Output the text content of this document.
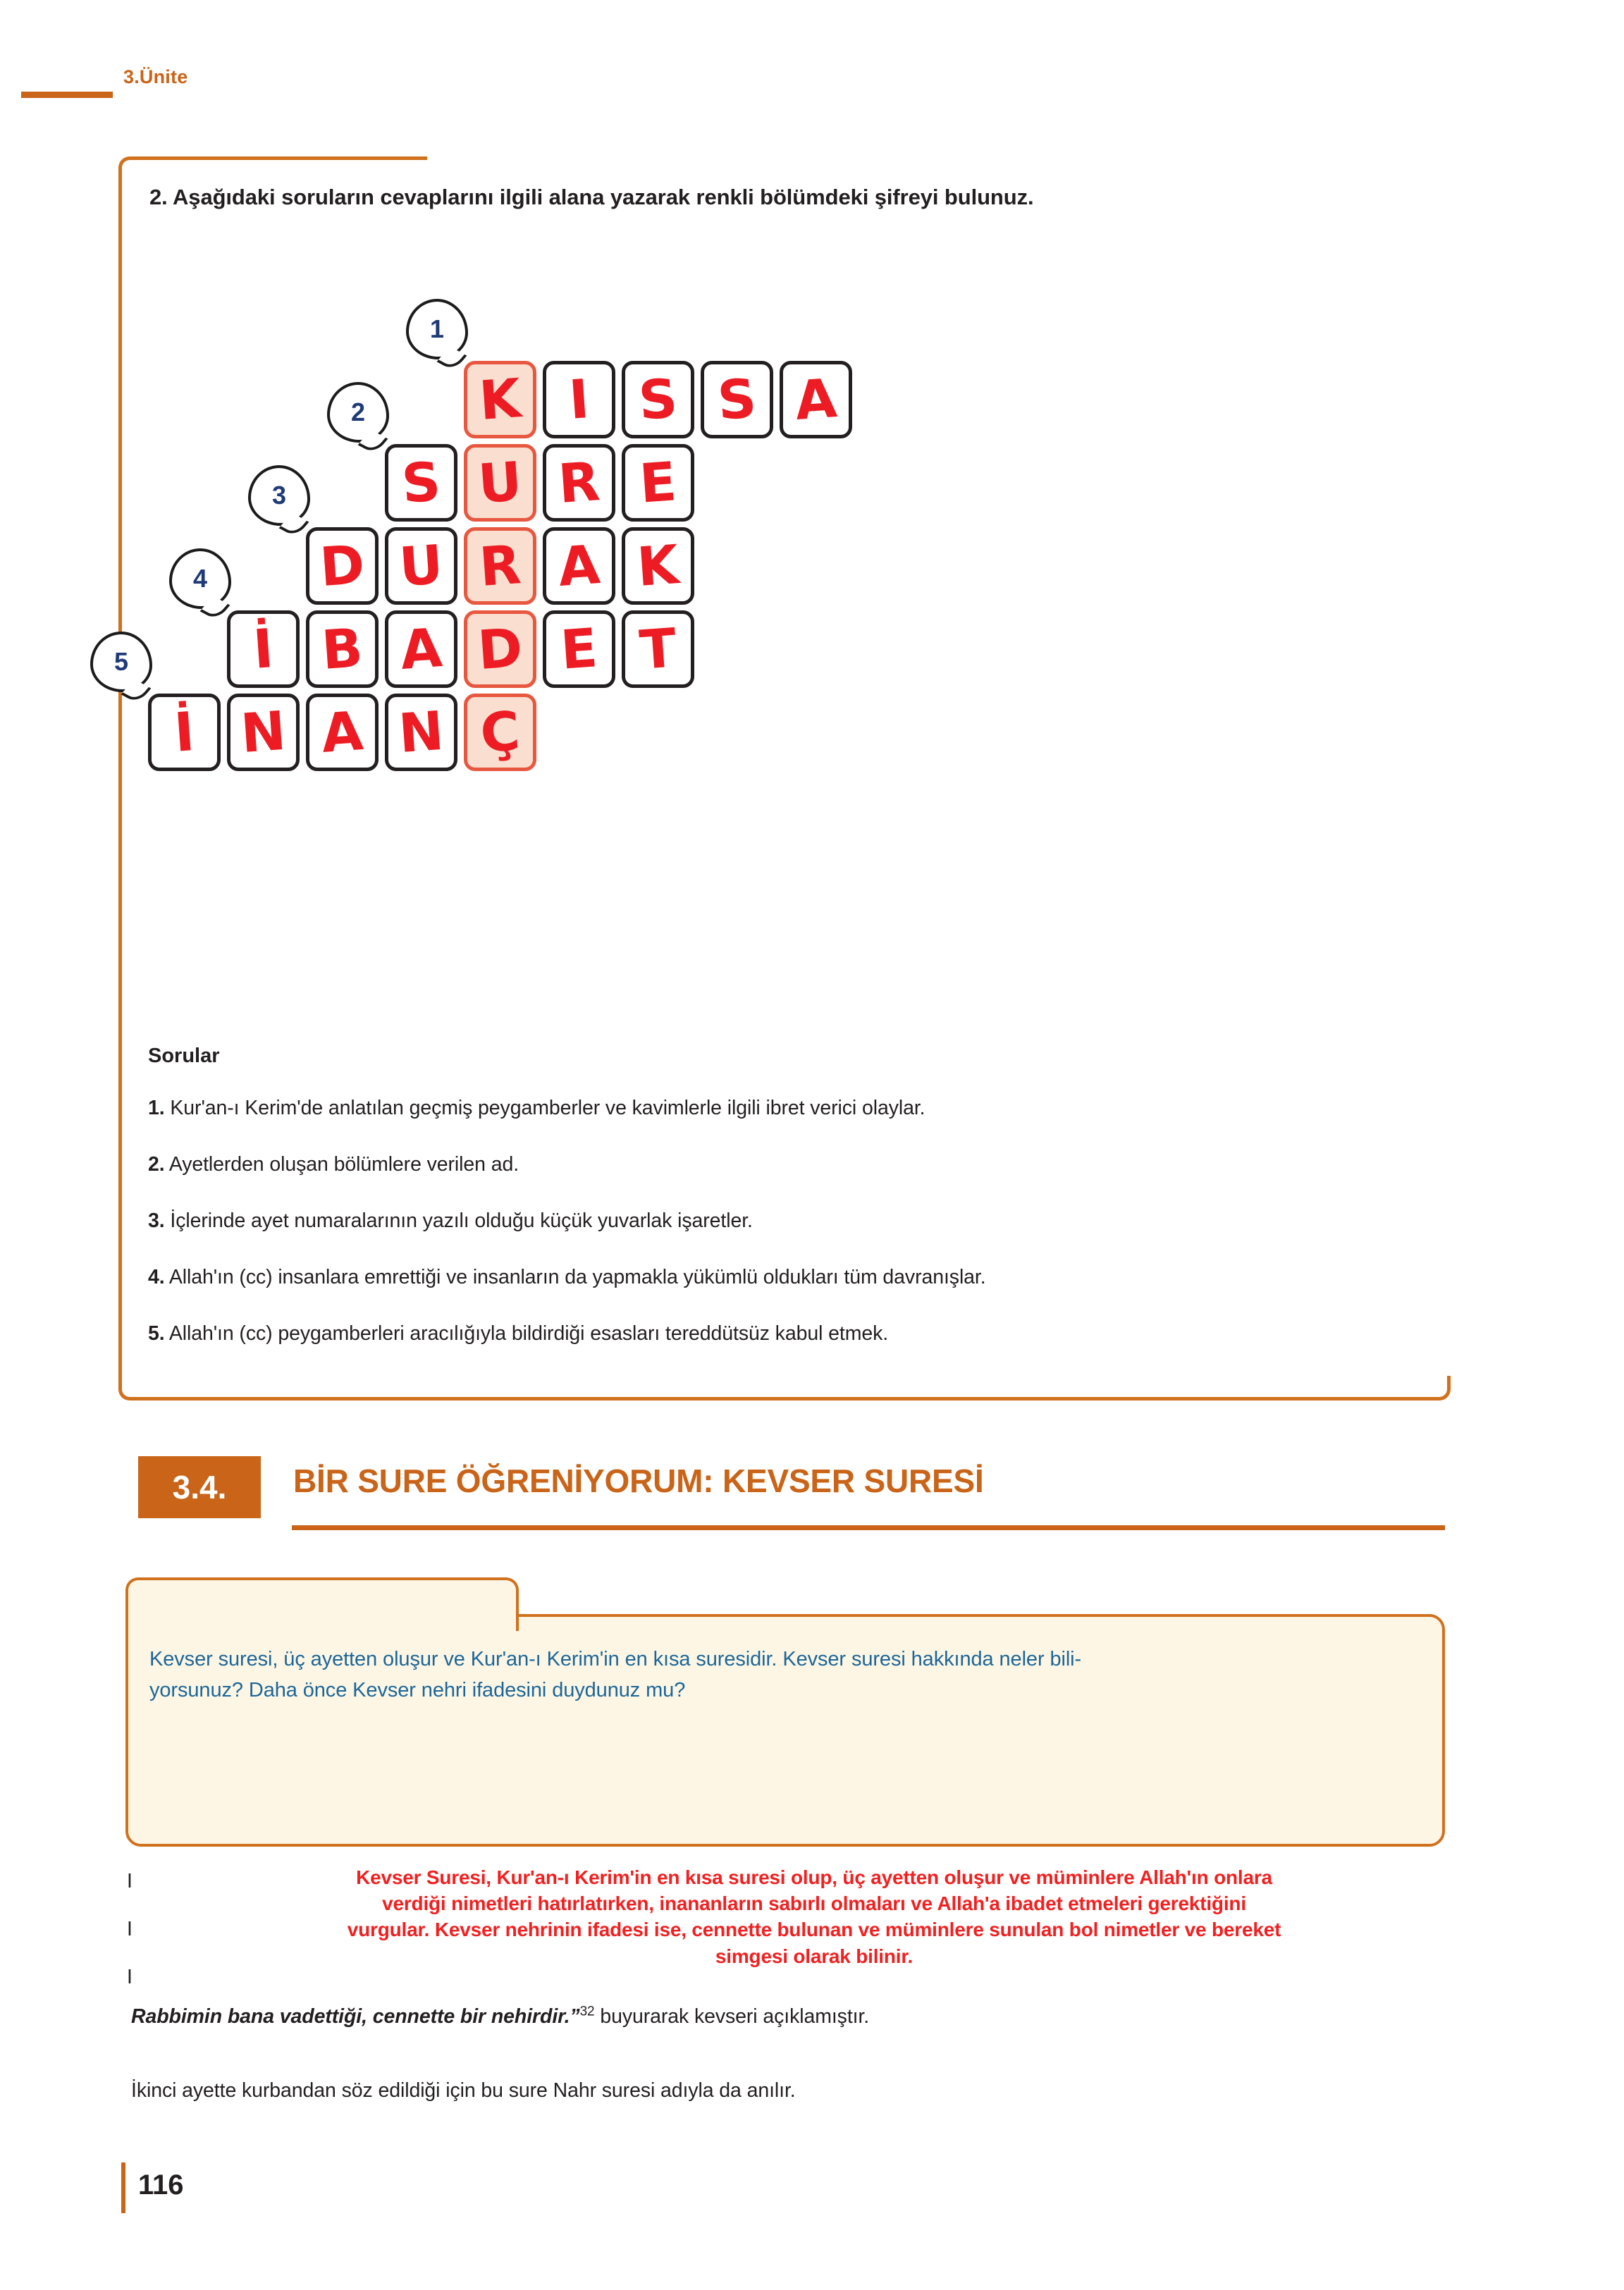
3.Ünite
2. Aşağıdaki soruların cevaplarını ilgili alana yazarak renkli bölümdeki şifreyi bulunuz.
K I S S A
1
S U R E
2
D U R A K
3
İ B A D E T
4
İ N A N Ç
5
Sorular
1. Kur'an-ı Kerim'de anlatılan geçmiş peygamberler ve kavimlerle ilgili ibret verici olaylar.
2. Ayetlerden oluşan bölümlere verilen ad.
3. İçlerinde ayet numaralarının yazılı olduğu küçük yuvarlak işaretler.
4. Allah'ın (cc) insanlara emrettiği ve insanların da yapmakla yükümlü oldukları tüm davranışlar.
5. Allah'ın (cc) peygamberleri aracılığıyla bildirdiği esasları tereddütsüz kabul etmek.
3.4.	BİR SURE ÖĞRENİYORUM: KEVSER SURESİ
Kevser suresi, üç ayetten oluşur ve Kur'an-ı Kerim'in en kısa suresidir. Kevser suresi hakkında neler bili-
yorsunuz? Daha önce Kevser nehri ifadesini duydunuz mu?
I
I
I
Kevser Suresi, Kur'an-ı Kerim'in en kısa suresi olup, üç ayetten oluşur ve müminlere Allah'ın onlara
verdiği nimetleri hatırlatırken, inananların sabırlı olmaları ve Allah'a ibadet etmeleri gerektiğini
vurgular. Kevser nehrinin ifadesi ise, cennette bulunan ve müminlere sunulan bol nimetler ve bereket
simgesi olarak bilinir.
Rabbimin bana vadettiği, cennette bir nehirdir.”$^{32}$ buyurarak kevseri açıklamıştır.
İkinci ayette kurbandan söz edildiği için bu sure Nahr suresi adıyla da anılır.
116
